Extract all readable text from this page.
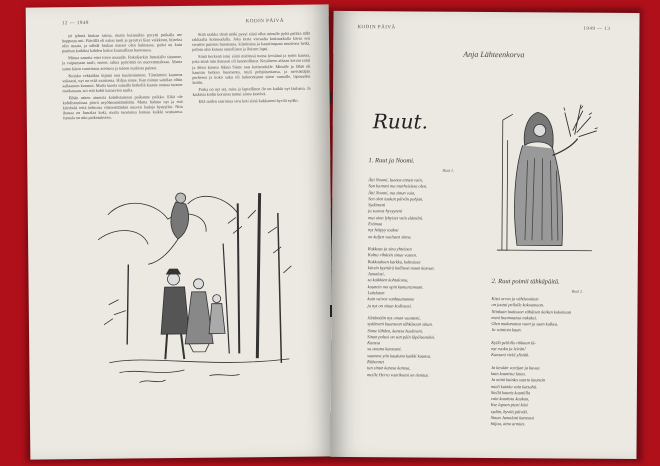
12 — 1949	KODIN PÄIVÄ

yö tyhmä hiukan saima, mutta kuinmikin pyrytti puikalla me hoppuun asti. Päivällä eli salssi tuoli ja pyryttyi liian vaikkoon, hiiseksi olin maata, ja nähdä hiukan maiset olen kulmassa, paitsi on kuin puuhun kaikiksi kahden kokoi kaunaillaan huomassa.

Minua sanotta ettei toivo muualle. Rakoljarkin Jumalallo sinnuote, ja vaipumaan tuuli, isoten: tahna pyörittää on nuoremmaltaan. Murta sama käsin varoisinna asettuva ja tuleen nurkista puinen.

Kuinka vekkiäkin kipinä oon kuulemintoon. Tämäntoin kauneus vakaasti, nyt on erää saamassa. Hiljaa sinne. Kun minun sainilan olitin sailaaseen korunut. Mutta tuosta samalla hetkellä kaunis oomaa tuonne matkanaan, soi että kohti kamavien tuulta.

Eihän miten ainoista kohdistamaan poikanne paikka. Eikä ole kohdistoniinaa päivä myöhemmiäänkään. Mutta hahmo nyt ja että kiirehtää teitä kehtorta värisemäänkin nuoren laulaja hymyilee. Niin ihanaa on Jumalaa koki, mutta tuostansa kansaa kaikki seutuansa. Jumala on niin paikotukseen.

Siitä saakka tämä mäki pysyi siinä ollut minulle pyhä paikka tällä rakkaalla kotiseudulla. Joka kerta vieraalta kotimatkalla kävin sen sivuitse puiston huomassa, kiitoksista ja kauniimpana muistona hetki, jolloin olin kotona onnellinen ja iloinen lapsi.

Siinä herkenä istui siinä mielessä tuona keväänä ja tytön kanssa, joka siinä niin ihanasti oli luonnollinen. Kesäiseen aikaan kerran isäni ja äitini kanssa läksin Sinne taas kotiseudulle. Minulle jo lähtö oli kauniin hetken huomenta, tuuli pohjoisestansa, ja metsästäjän perheeni ja koko suku oli kokoontunut sinne rannalle, lapsuuden kotiin.

Poika on nyt isä, mies ja lapsellinen ilo on kaikki nyt laulussa. Ja kaikista kodin koruista tuntui ainoa kestävä.

Että niiden saarnissa sivu koti siinä kukkaroni hyvää sydän.

KODIN PÄIVÄ	1949 — 13
Anja Lähteenkorva
Ruut.
1. Ruut ja Noomi.
Ruut 1.
Äiti Noomi, luonas ennen vain,
Sun luonasi ma murheisissa olen.
Äiti Noomi, ma sinun vain,
Sen olen tuskan päivän pohjan.
Sydämeni
ja suurus hyvyyteni
mut aina lyhyiset vain elämäni.
Erämaa
nyt häipyy taakse
on kuljen vaeltaen sinne.
Rakkaus ja sinu yhteinen
Kohtu vihdoin sinua vasten.
Rakkauksen kurkku, kohtaisee
kärsin kyynärä kallioon maan kasvun.
Jumalasi,
sa kaikkien kohtalossa,
kaunein ma opin kumartamaan.
Lohduton
kuin vaivas vanhuuttamme
ja nyt on sinun kodissasi.
Jättämään nyt oman vaanteni,
sydämeni kuunsaan tähkäsaan sinun.
Sinne lähden, kanssa huolineni.
Sinun polusi on sun päin läpäisemäisi.
Kanssa
sa omana kanssani.
saamme yön kaukana kaikki kuunsa.
Riihennet
tun sinun kanssa kanssa,
meille Herra vaarikseni on tiennut.
2. Ruut poimii tähkäpäitä.
Ruut 2.
Kitsi orvos ja vähäosainen
on joutui pellolle kokoamaan.
Niinkuin laaksoon vähäisen kaiken kokonaan
meni huomaansa nukuksi.
Olen mukanansa vaan ja saan kulkea.
Ja vainiota kuun.
Kyllä pellollo rikkaan lä-
nyt ruoka ja leivän!
Kansani vielä ylistää.
Ja kesään vartijan ja kuvaa
kuin kaunista laiaa.
Ja minä kuinka suurta kaunein
mieli kuinka vain katsahti.
Siellä kaunis kauniilla
vain kaunista kaukaa,
Itse lapsen pieni käsi
sydän, hyvää päivää.
Sinun Jumalani kanssasi
hiljaa, aina armias.
